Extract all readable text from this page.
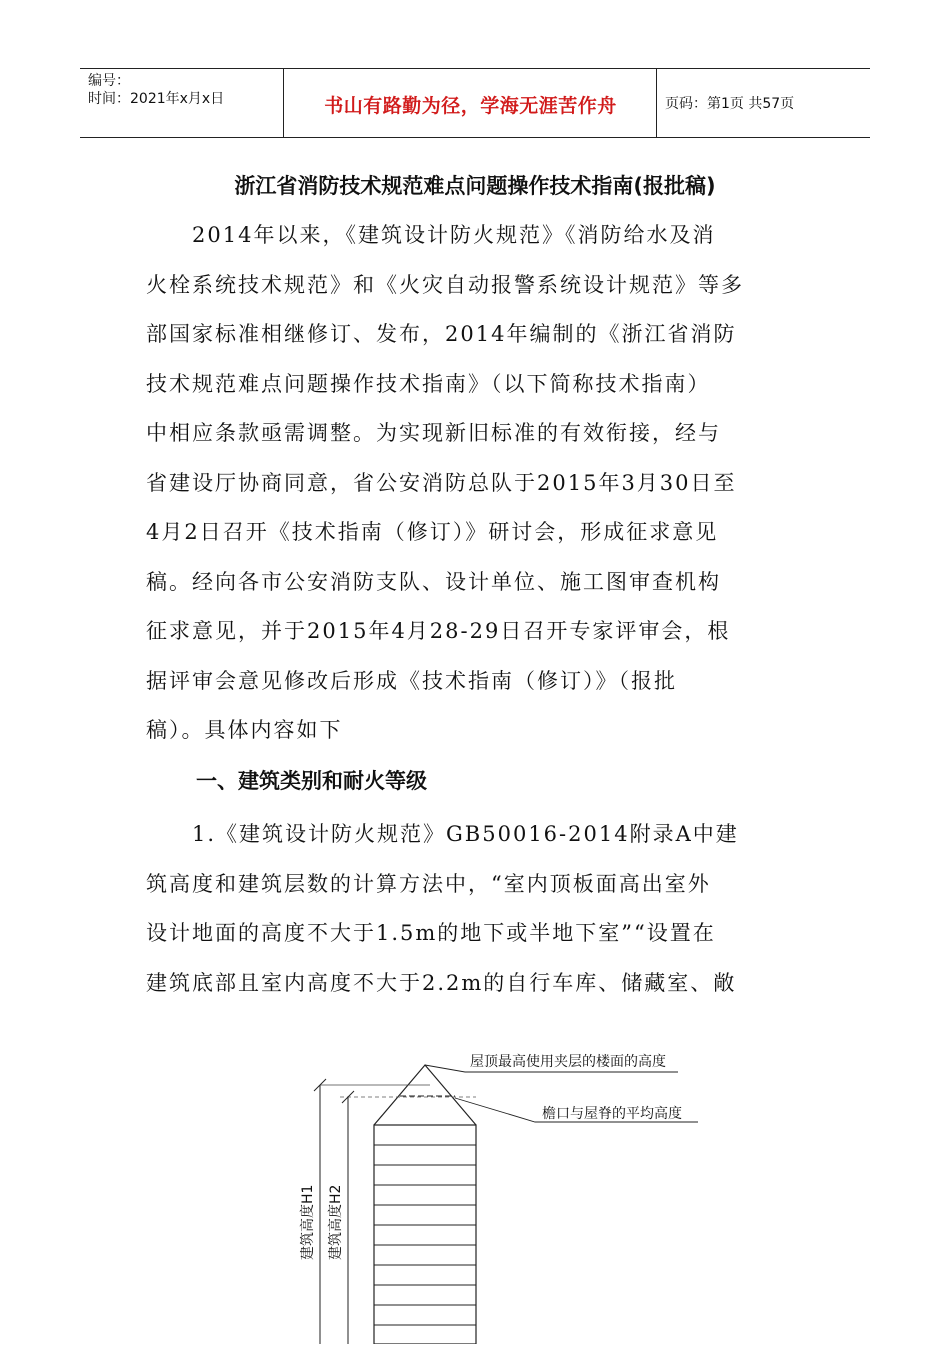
编号：
时间：2021年x月x日	书山有路勤为径，学海无涯苦作舟	页码：第1页 共57页
浙江省消防技术规范难点问题操作技术指南(报批稿)
　　2014年以来，《建筑设计防火规范》《消防给水及消
火栓系统技术规范》和《火灾自动报警系统设计规范》等多
部国家标准相继修订、发布，2014年编制的《浙江省消防
技术规范难点问题操作技术指南》（以下简称技术指南）
中相应条款亟需调整。为实现新旧标准的有效衔接，经与
省建设厅协商同意，省公安消防总队于2015年3月30日至
4月2日召开《技术指南（修订）》研讨会，形成征求意见
稿。经向各市公安消防支队、设计单位、施工图审查机构
征求意见，并于2015年4月28-29日召开专家评审会，根
据评审会意见修改后形成《技术指南（修订）》（报批
稿）。具体内容如下
一、建筑类别和耐火等级
　　1.《建筑设计防火规范》GB50016-2014附录A中建
筑高度和建筑层数的计算方法中，“室内顶板面高出室外
设计地面的高度不大于1.5m的地下或半地下室”“设置在
建筑底部且室内高度不大于2.2m的自行车库、储藏室、敞
屋顶最高使用夹层的楼面的高度
檐口与屋脊的平均高度
建筑高度H1 建筑高度H2
